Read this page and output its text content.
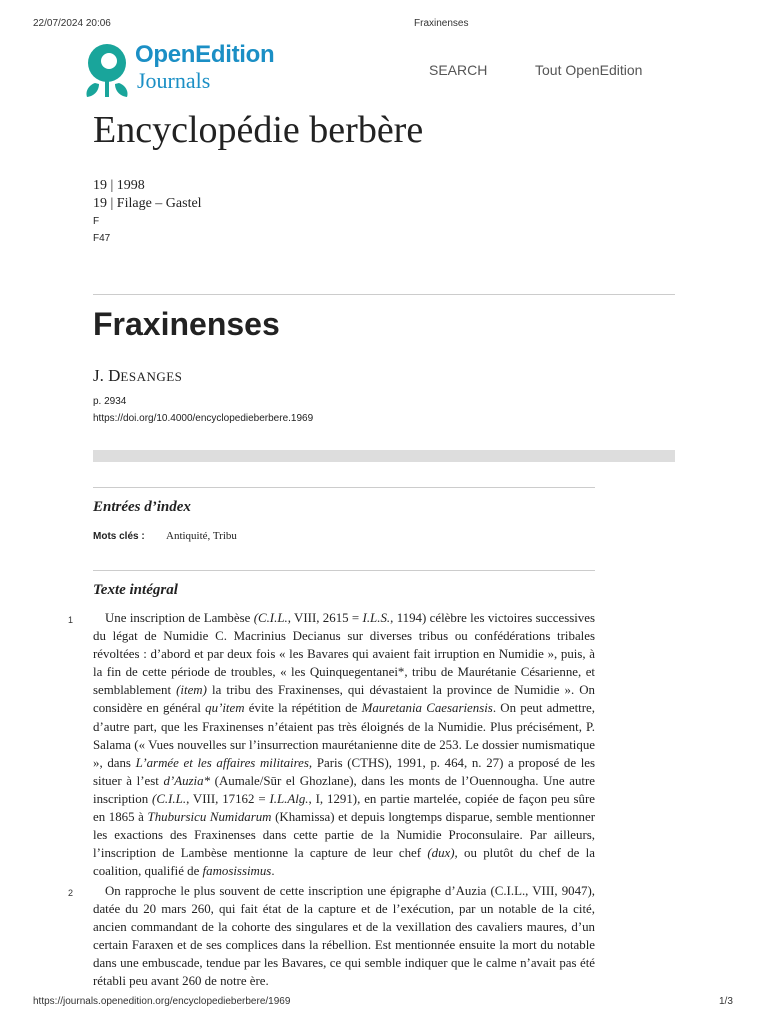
22/07/2024 20:06	Fraxinenses
OpenEdition
Journals	SEARCH	Tout OpenEdition
Encyclopédie berbère
19 | 1998
19 | Filage – Gastel
F
F47
Fraxinenses
J. DESANGES
p. 2934
https://doi.org/10.4000/encyclopedieberbere.1969
Entrées d’index
Mots clés : Antiquité, Tribu
Texte intégral
1	Une inscription de Lambèse (C.I.L., VIII, 2615 = I.L.S., 1194) célèbre les victoires successives du légat de Numidie C. Macrinius Decianus sur diverses tribus ou confédérations tribales révoltées : d’abord et par deux fois « les Bavares qui avaient fait irruption en Numidie », puis, à la fin de cette période de troubles, « les Quinquegentanei*, tribu de Maurétanie Césarienne, et semblablement (item) la tribu des Fraxinenses, qui dévastaient la province de Numidie ». On considère en général qu’item évite la répétition de Mauretania Caesariensis. On peut admettre, d’autre part, que les Fraxinenses n’étaient pas très éloignés de la Numidie. Plus précisément, P. Salama (« Vues nouvelles sur l’insurrection maurétanienne dite de 253. Le dossier numismatique », dans L’armée et les affaires militaires, Paris (CTHS), 1991, p. 464, n. 27) a proposé de les situer à l’est d’Auzia* (Aumale/Sūr el Ghozlane), dans les monts de l’Ouennougha. Une autre inscription (C.I.L., VIII, 17162 = I.L.Alg., I, 1291), en partie martelée, copiée de façon peu sûre en 1865 à Thubursicu Numidarum (Khamissa) et depuis longtemps disparue, semble mentionner les exactions des Fraxinenses dans cette partie de la Numidie Proconsulaire. Par ailleurs, l’inscription de Lambèse mentionne la capture de leur chef (dux), ou plutôt du chef de la coalition, qualifié de famosissimus.

2	On rapproche le plus souvent de cette inscription une épigraphe d’Auzia (C.I.L., VIII, 9047), datée du 20 mars 260, qui fait état de la capture et de l’exécution, par un notable de la cité, ancien commandant de la cohorte des singulares et de la vexillation des cavaliers maures, d’un certain Faraxen et de ses complices dans la rébellion. Est mentionnée ensuite la mort du notable dans une embuscade, tendue par les Bavares, ce qui semble indiquer que le calme n’avait pas été rétabli peu avant 260 de notre ère.

https://journals.openedition.org/encyclopedieberbere/1969	1/3
